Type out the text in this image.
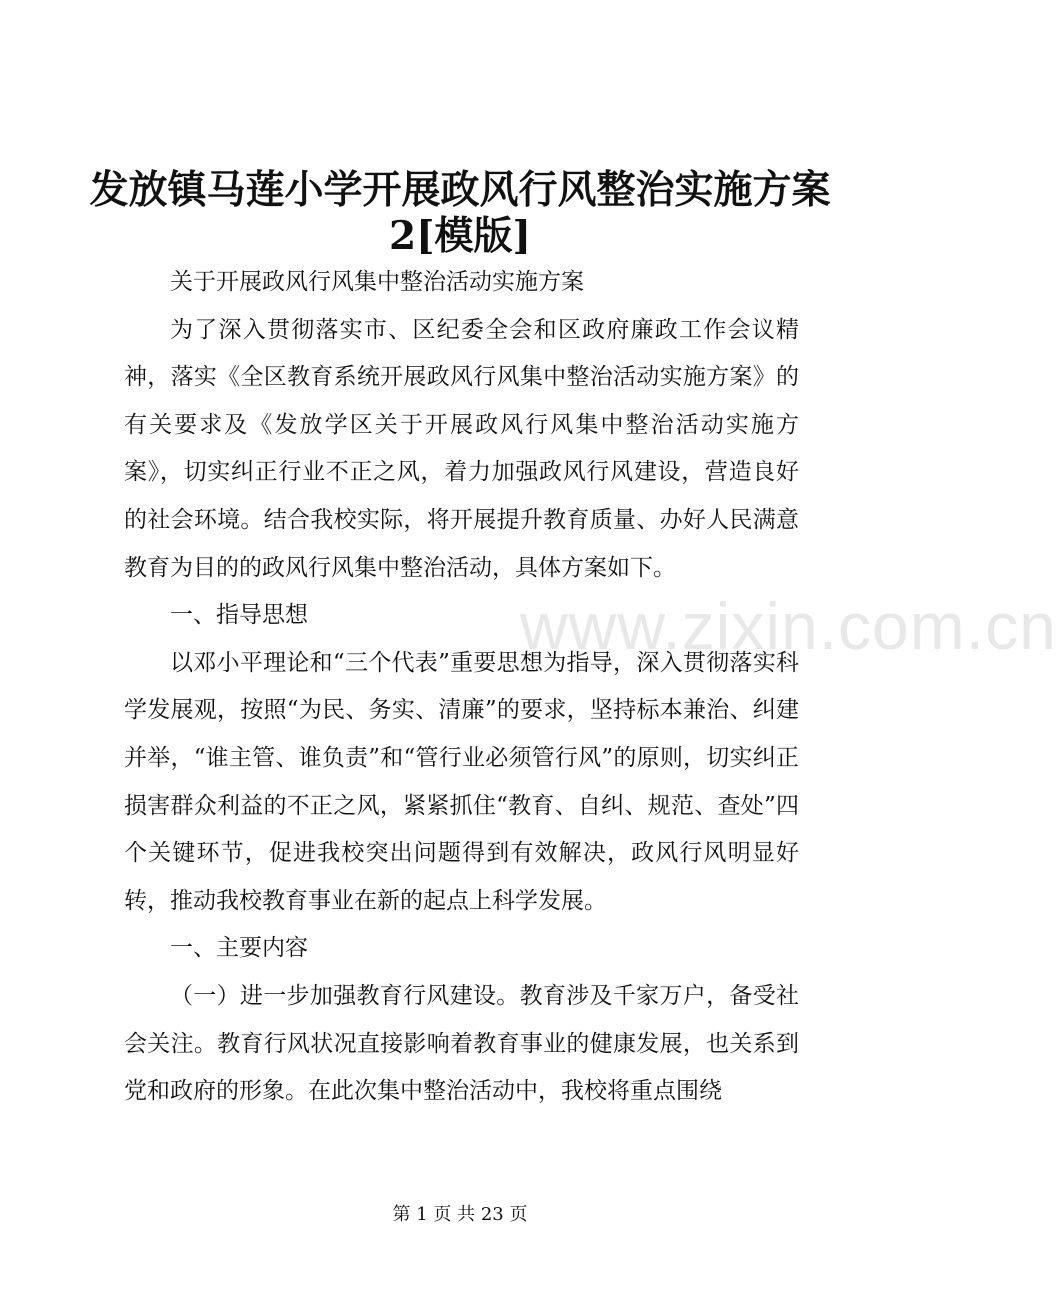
www.zixin.com.cn
发放镇马莲小学开展政风行风整治实施方案
2[模版]

关于开展政风行风集中整治活动实施方案

为了深入贯彻落实市、区纪委全会和区政府廉政工作会议精神，落实《全区教育系统开展政风行风集中整治活动实施方案》的有关要求及《发放学区关于开展政风行风集中整治活动实施方案》，切实纠正行业不正之风，着力加强政风行风建设，营造良好的社会环境。结合我校实际，将开展提升教育质量、办好人民满意教育为目的的政风行风集中整治活动，具体方案如下。

一、指导思想

以邓小平理论和“三个代表”重要思想为指导，深入贯彻落实科学发展观，按照“为民、务实、清廉”的要求，坚持标本兼治、纠建并举，“谁主管、谁负责”和“管行业必须管行风”的原则，切实纠正损害群众利益的不正之风，紧紧抓住“教育、自纠、规范、查处”四个关键环节，促进我校突出问题得到有效解决，政风行风明显好转，推动我校教育事业在新的起点上科学发展。

一、主要内容

（一）进一步加强教育行风建设。教育涉及千家万户，备受社会关注。教育行风状况直接影响着教育事业的健康发展，也关系到党和政府的形象。在此次集中整治活动中，我校将重点围绕

第 1 页 共 23 页
